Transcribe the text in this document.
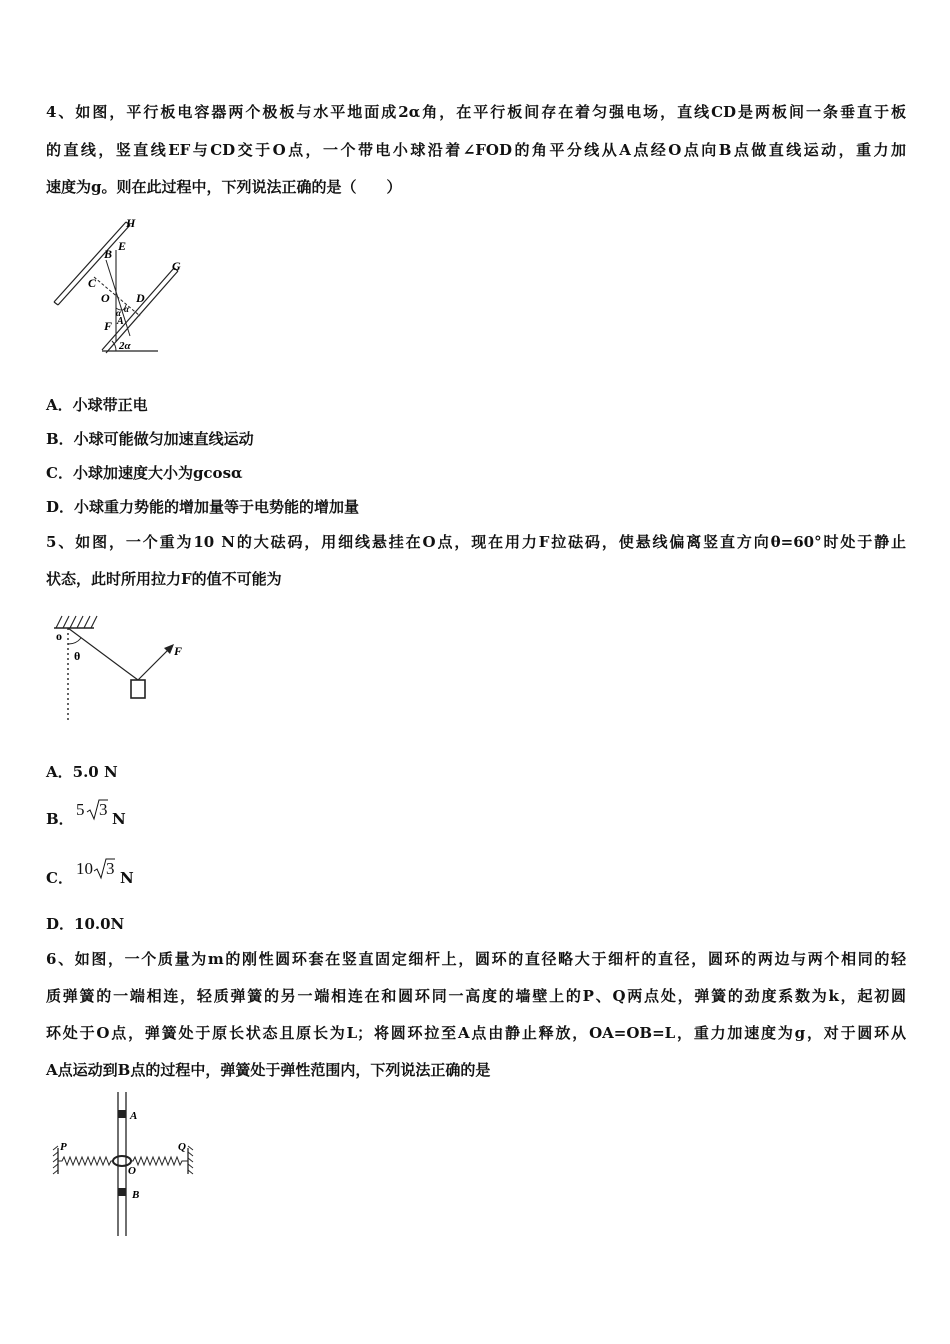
4、如图，平行板电容器两个极板与水平地面成2α角，在平行板间存在着匀强电场，直线CD是两板间一条垂直于板
的直线，竖直线EF与CD交于O点，一个带电小球沿着∠FOD的角平分线从A点经O点向B点做直线运动，重力加
速度为g。则在此过程中，下列说法正确的是（　　）
H
E
B
C
O D
G
F A
α α
2α
A．小球带正电
B．小球可能做匀加速直线运动
C．小球加速度大小为gcosα
D．小球重力势能的增加量等于电势能的增加量
5、如图，一个重为10 N的大砝码，用细线悬挂在O点，现在用力F拉砝码，使悬线偏离竖直方向θ=60°时处于静止
状态，此时所用拉力F的值不可能为
o
θ	F
A．5.0 N
B． 5 3 N
C． 10 3 N
D．10.0N
6、如图，一个质量为m的刚性圆环套在竖直固定细杆上，圆环的直径略大于细杆的直径，圆环的两边与两个相同的轻
质弹簧的一端相连，轻质弹簧的另一端相连在和圆环同一高度的墙壁上的P、Q两点处，弹簧的劲度系数为k，起初圆
环处于O点，弹簧处于原长状态且原长为L；将圆环拉至A点由静止释放，OA=OB=L，重力加速度为g，对于圆环从
A点运动到B点的过程中，弹簧处于弹性范围内，下列说法正确的是
A
P	Q
O
B
